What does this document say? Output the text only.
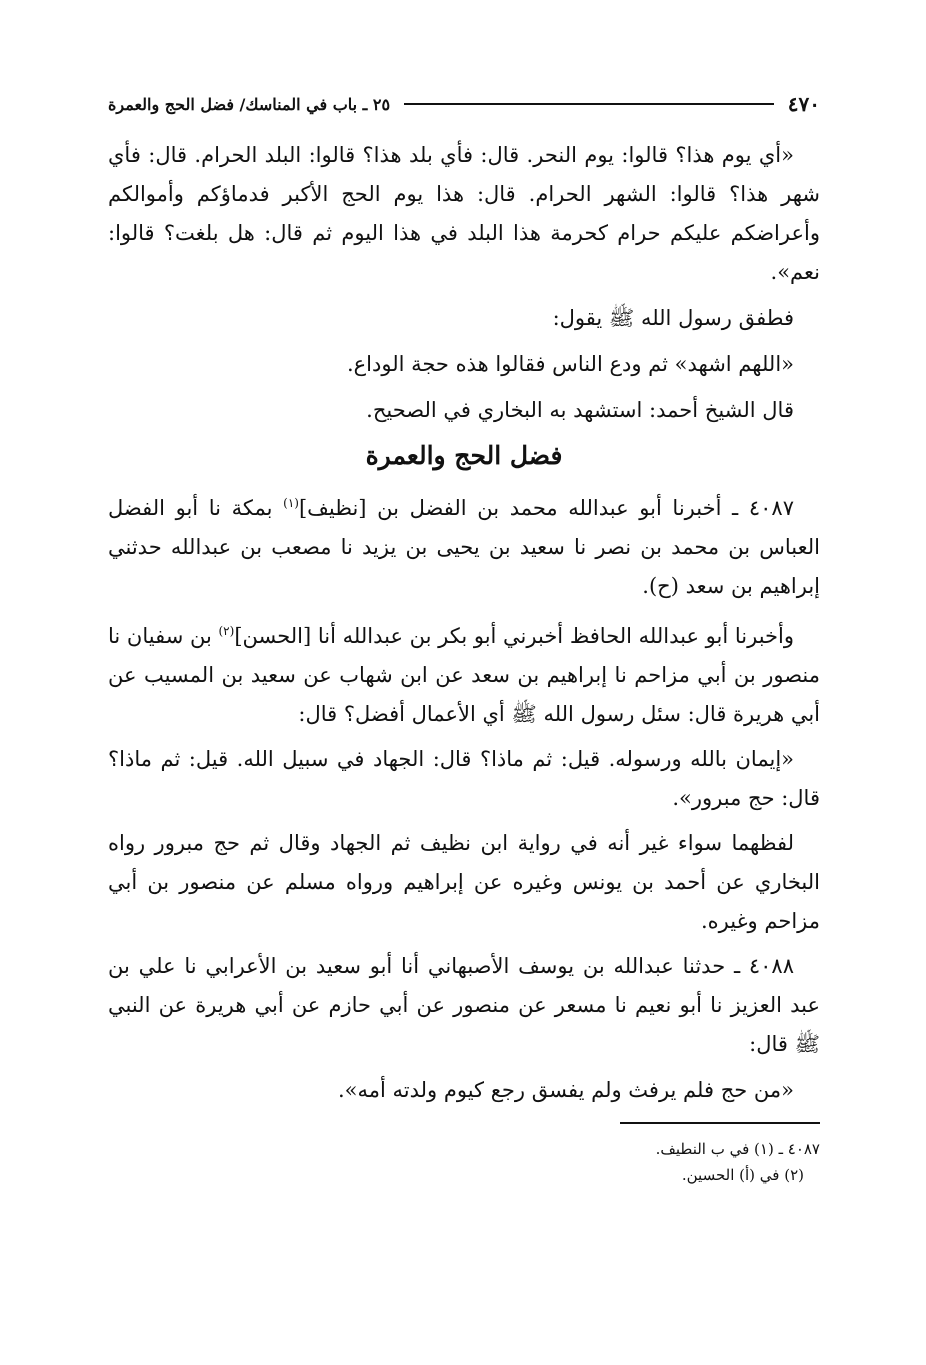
٤٧٠
٢٥ ـ باب في المناسك/ فضل الحج والعمرة

«أي يوم هذا؟ قالوا: يوم النحر. قال: فأي بلد هذا؟ قالوا: البلد الحرام. قال: فأي شهر هذا؟ قالوا: الشهر الحرام. قال: هذا يوم الحج الأكبر فدماؤكم وأموالكم وأعراضكم عليكم حرام كحرمة هذا البلد في هذا اليوم ثم قال: هل بلغت؟ قالوا: نعم».

فطفق رسول الله ﷺ يقول:

«اللهم اشهد» ثم ودع الناس فقالوا هذه حجة الوداع.

قال الشيخ أحمد: استشهد به البخاري في الصحيح.

فضل الحج والعمرة

٤٠٨٧ ـ أخبرنا أبو عبدالله محمد بن الفضل بن [نظيف]$^{(١)}$ بمكة نا أبو الفضل العباس بن محمد بن نصر نا سعيد بن يحيى بن يزيد نا مصعب بن عبدالله حدثني إبراهيم بن سعد (ح).

وأخبرنا أبو عبدالله الحافظ أخبرني أبو بكر بن عبدالله أنا [الحسن]$^{(٢)}$ بن سفيان نا منصور بن أبي مزاحم نا إبراهيم بن سعد عن ابن شهاب عن سعيد بن المسيب عن أبي هريرة قال: سئل رسول الله ﷺ أي الأعمال أفضل؟ قال:

«إيمان بالله ورسوله. قيل: ثم ماذا؟ قال: الجهاد في سبيل الله. قيل: ثم ماذا؟ قال: حج مبرور».

لفظهما سواء غير أنه في رواية ابن نظيف ثم الجهاد وقال ثم حج مبرور رواه البخاري عن أحمد بن يونس وغيره عن إبراهيم ورواه مسلم عن منصور بن أبي مزاحم وغيره.

٤٠٨٨ ـ حدثنا عبدالله بن يوسف الأصبهاني أنا أبو سعيد بن الأعرابي نا علي بن عبد العزيز نا أبو نعيم نا مسعر عن منصور عن أبي حازم عن أبي هريرة عن النبي ﷺ قال:

«من حج فلم يرفث ولم يفسق رجع كيوم ولدته أمه».

٤٠٨٧ ـ (١) في ب النطيف.

(٢) في (أ) الحسين.
